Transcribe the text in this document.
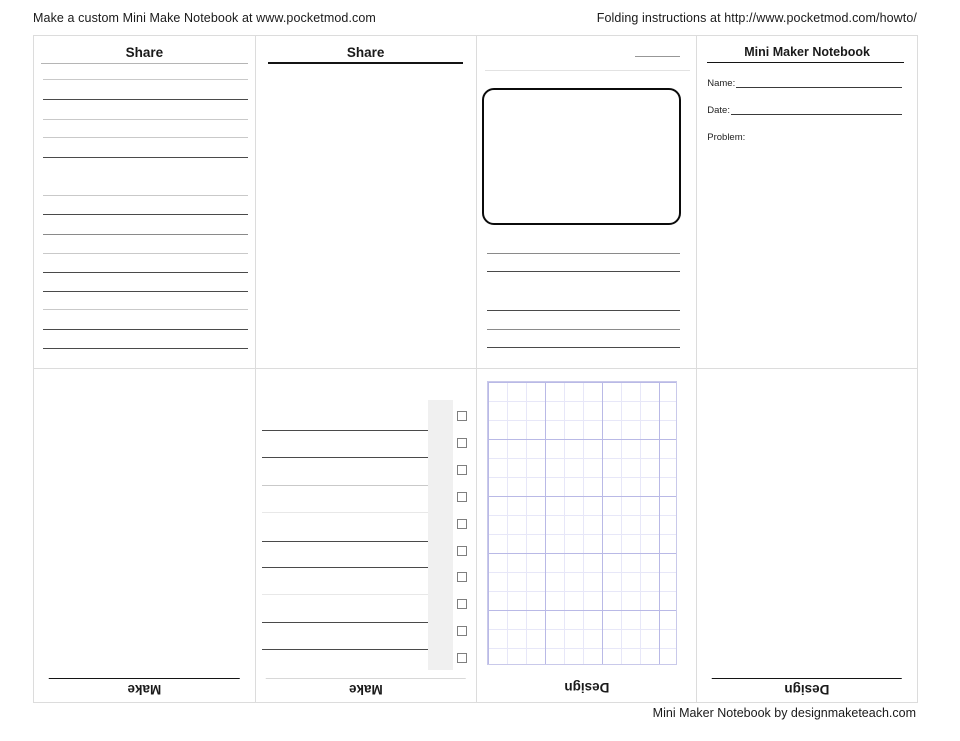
Make a custom Mini Make Notebook at www.pocketmod.com	Folding instructions at http://www.pocketmod.com/howto/
Share	Share	Mini Maker Notebook
Name:
Date:
Problem:
Make	Make	Design	Design
Mini Maker Notebook by designmaketeach.com
